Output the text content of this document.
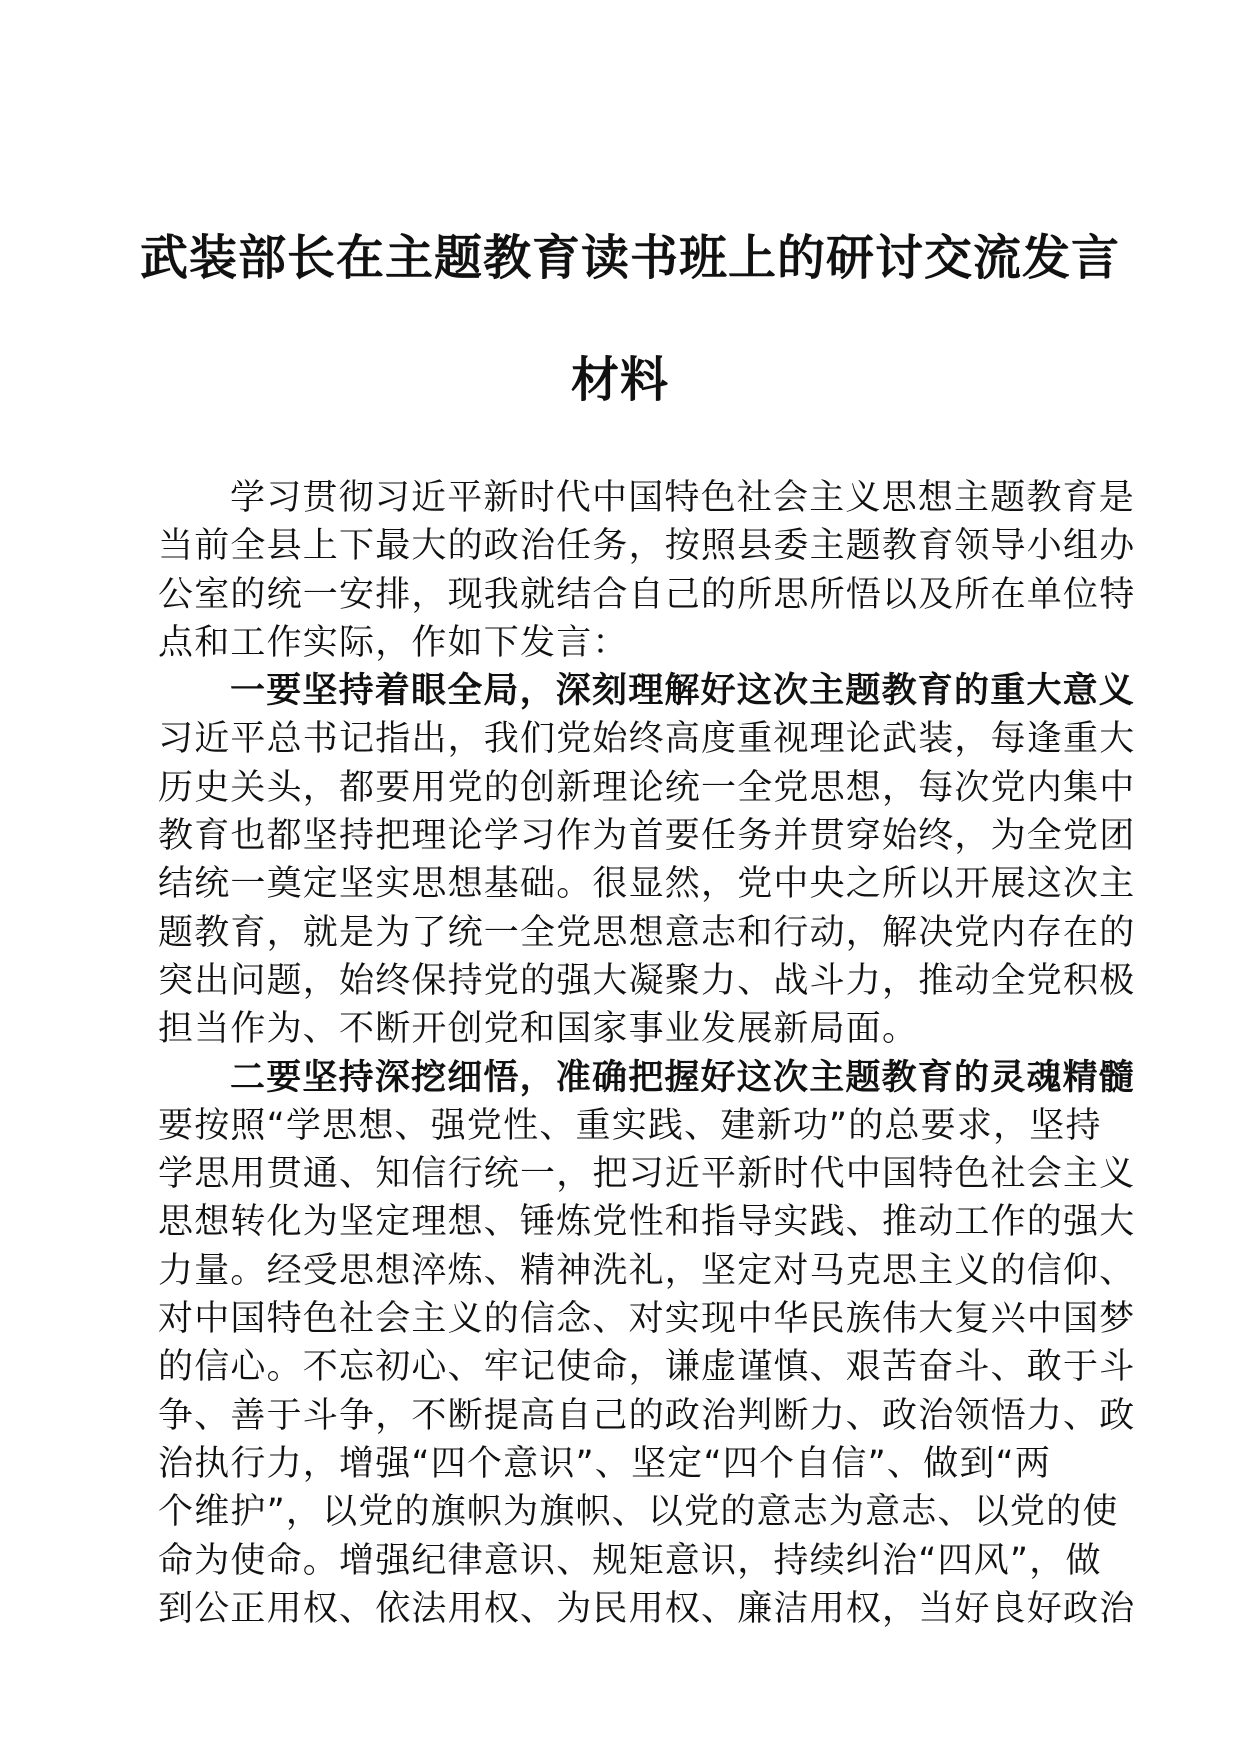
武装部长在主题教育读书班上的研讨交流发言
材料
学习贯彻习近平新时代中国特色社会主义思想主题教育是
当前全县上下最大的政治任务，按照县委主题教育领导小组办
公室的统一安排，现我就结合自己的所思所悟以及所在单位特
点和工作实际，作如下发言：
一要坚持着眼全局，深刻理解好这次主题教育的重大意义
习近平总书记指出，我们党始终高度重视理论武装，每逢重大
历史关头，都要用党的创新理论统一全党思想，每次党内集中
教育也都坚持把理论学习作为首要任务并贯穿始终，为全党团
结统一奠定坚实思想基础。很显然，党中央之所以开展这次主
题教育，就是为了统一全党思想意志和行动，解决党内存在的
突出问题，始终保持党的强大凝聚力、战斗力，推动全党积极
担当作为、不断开创党和国家事业发展新局面。
二要坚持深挖细悟，准确把握好这次主题教育的灵魂精髓
要按照“学思想、强党性、重实践、建新功”的总要求，坚持
学思用贯通、知信行统一，把习近平新时代中国特色社会主义
思想转化为坚定理想、锤炼党性和指导实践、推动工作的强大
力量。经受思想淬炼、精神洗礼，坚定对马克思主义的信仰、
对中国特色社会主义的信念、对实现中华民族伟大复兴中国梦
的信心。不忘初心、牢记使命，谦虚谨慎、艰苦奋斗、敢于斗
争、善于斗争，不断提高自己的政治判断力、政治领悟力、政
治执行力，增强“四个意识”、坚定“四个自信”、做到“两
个维护”，以党的旗帜为旗帜、以党的意志为意志、以党的使
命为使命。增强纪律意识、规矩意识，持续纠治“四风”，做
到公正用权、依法用权、为民用权、廉洁用权，当好良好政治
